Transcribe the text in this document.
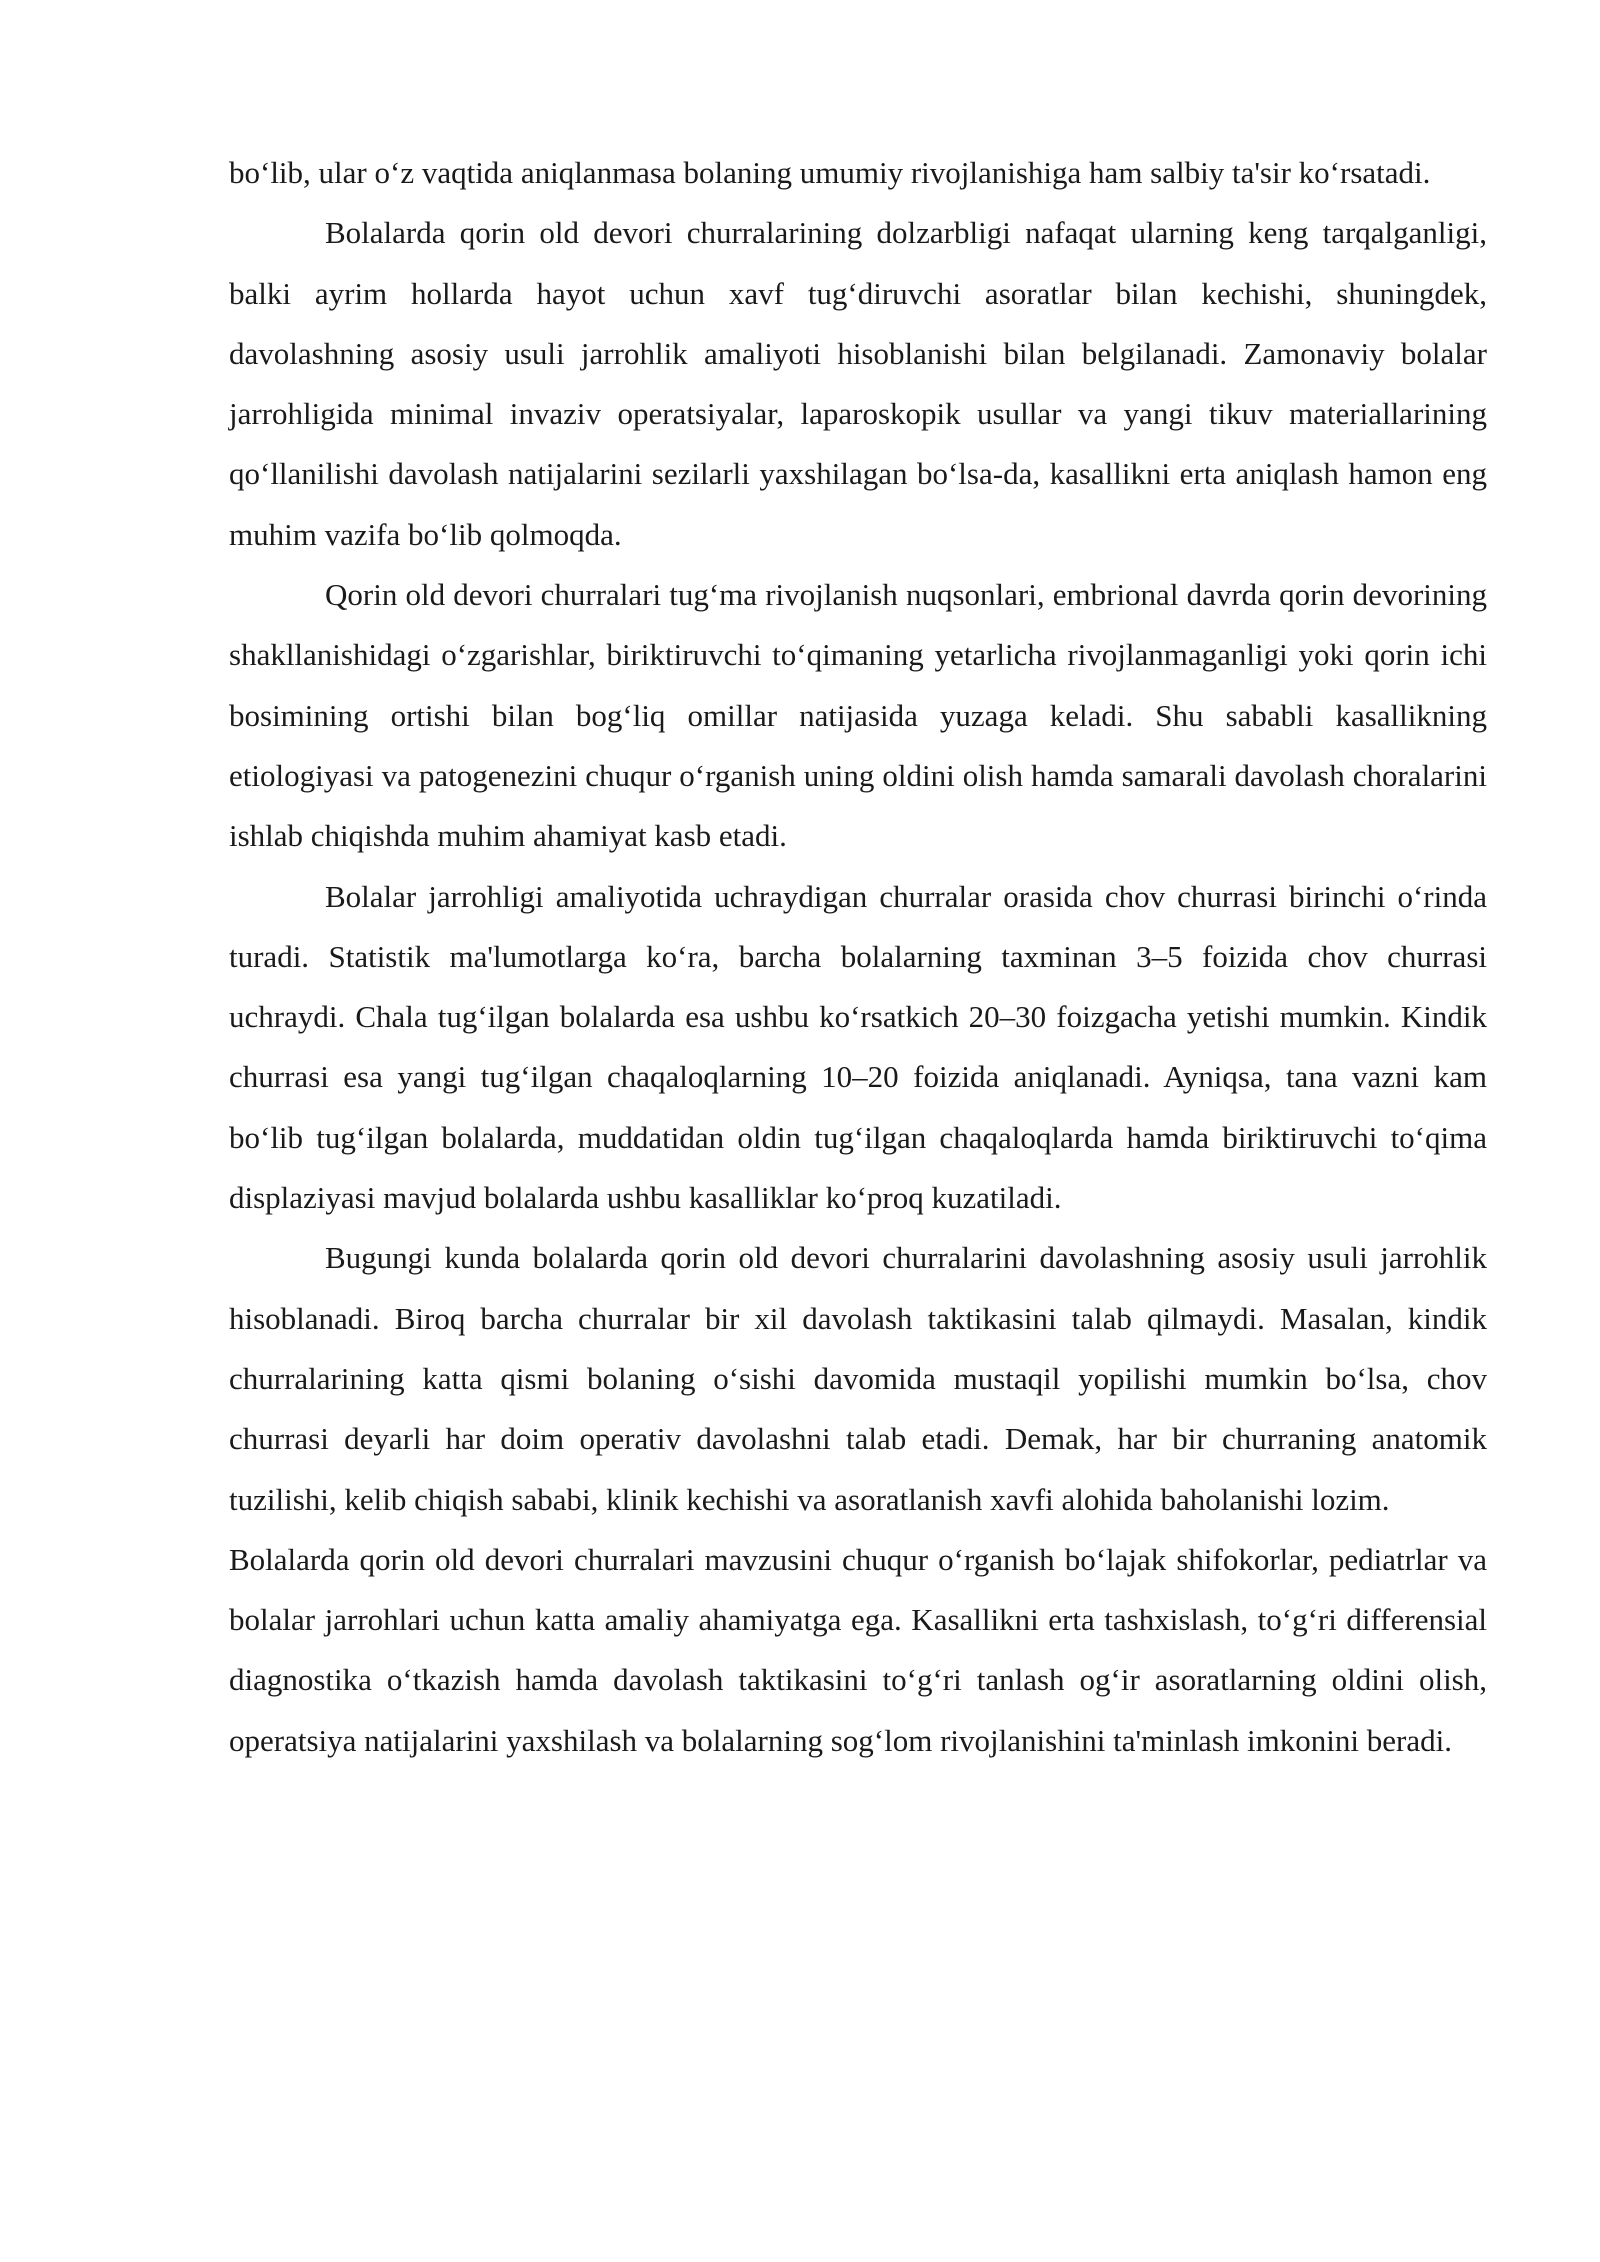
bo‘lib, ular o‘z vaqtida aniqlanmasa bolaning umumiy rivojlanishiga ham salbiy ta'sir ko‘rsatadi.

Bolalarda qorin old devori churralarining dolzarbligi nafaqat ularning keng tarqalganligi, balki ayrim hollarda hayot uchun xavf tug‘diruvchi asoratlar bilan kechishi, shuningdek, davolashning asosiy usuli jarrohlik amaliyoti hisoblanishi bilan belgilanadi. Zamonaviy bolalar jarrohligida minimal invaziv operatsiyalar, laparoskopik usullar va yangi tikuv materiallarining qo‘llanilishi davolash natijalarini sezilarli yaxshilagan bo‘lsa-da, kasallikni erta aniqlash hamon eng muhim vazifa bo‘lib qolmoqda.

Qorin old devori churralari tug‘ma rivojlanish nuqsonlari, embrional davrda qorin devorining shakllanishidagi o‘zgarishlar, biriktiruvchi to‘qimaning yetarlicha rivojlanmaganligi yoki qorin ichi bosimining ortishi bilan bog‘liq omillar natijasida yuzaga keladi. Shu sababli kasallikning etiologiyasi va patogenezini chuqur o‘rganish uning oldini olish hamda samarali davolash choralarini ishlab chiqishda muhim ahamiyat kasb etadi.

Bolalar jarrohligi amaliyotida uchraydigan churralar orasida chov churrasi birinchi o‘rinda turadi. Statistik ma'lumotlarga ko‘ra, barcha bolalarning taxminan 3–5 foizida chov churrasi uchraydi. Chala tug‘ilgan bolalarda esa ushbu ko‘rsatkich 20–30 foizgacha yetishi mumkin. Kindik churrasi esa yangi tug‘ilgan chaqaloqlarning 10–20 foizida aniqlanadi. Ayniqsa, tana vazni kam bo‘lib tug‘ilgan bolalarda, muddatidan oldin tug‘ilgan chaqaloqlarda hamda biriktiruvchi to‘qima displaziyasi mavjud bolalarda ushbu kasalliklar ko‘proq kuzatiladi.

Bugungi kunda bolalarda qorin old devori churralarini davolashning asosiy usuli jarrohlik hisoblanadi. Biroq barcha churralar bir xil davolash taktikasini talab qilmaydi. Masalan, kindik churralarining katta qismi bolaning o‘sishi davomida mustaqil yopilishi mumkin bo‘lsa, chov churrasi deyarli har doim operativ davolashni talab etadi. Demak, har bir churraning anatomik tuzilishi, kelib chiqish sababi, klinik kechishi va asoratlanish xavfi alohida baholanishi lozim.

Bolalarda qorin old devori churralari mavzusini chuqur o‘rganish bo‘lajak shifokorlar, pediatrlar va bolalar jarrohlari uchun katta amaliy ahamiyatga ega. Kasallikni erta tashxislash, to‘g‘ri differensial diagnostika o‘tkazish hamda davolash taktikasini to‘g‘ri tanlash og‘ir asoratlarning oldini olish, operatsiya natijalarini yaxshilash va bolalarning sog‘lom rivojlanishini ta'minlash imkonini beradi.
